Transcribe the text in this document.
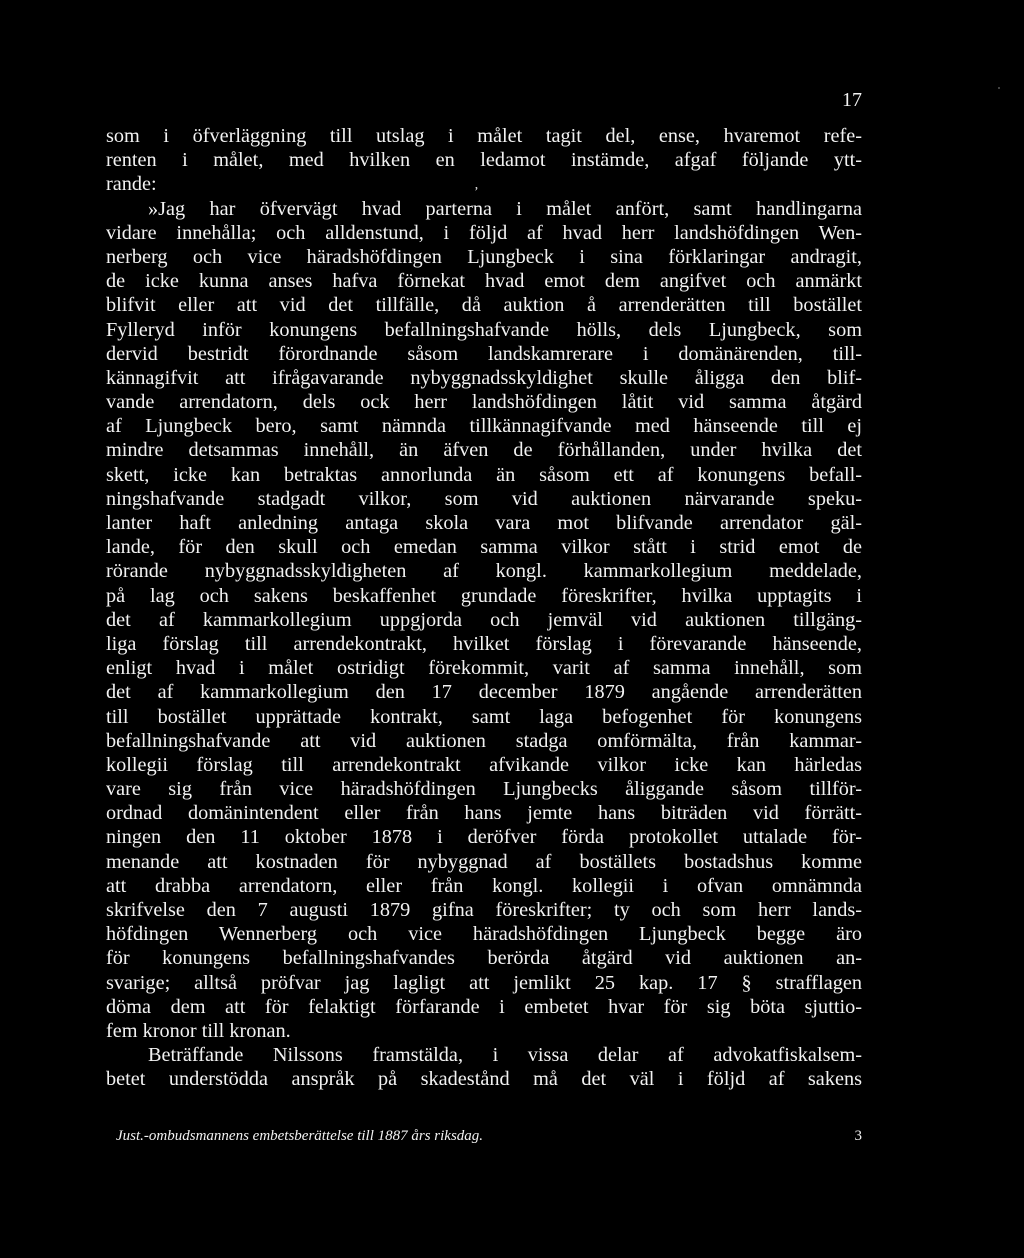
17
ʼ
som i öfverläggning till utslag i målet tagit del, ense, hvaremot refe-
renten i målet, med hvilken en ledamot instämde, afgaf följande ytt-
rande:
»Jag har öfvervägt hvad parterna i målet anfört, samt handlingarna
vidare innehålla; och alldenstund, i följd af hvad herr landshöfdingen Wen-
nerberg och vice häradshöfdingen Ljungbeck i sina förklaringar andragit,
de icke kunna anses hafva förnekat hvad emot dem angifvet och anmärkt
blifvit eller att vid det tillfälle, då auktion å arrenderätten till bostället
Fylleryd inför konungens befallningshafvande hölls, dels Ljungbeck, som
dervid bestridt förordnande såsom landskamrerare i domänärenden, till-
kännagifvit att ifrågavarande nybyggnadsskyldighet skulle åligga den blif-
vande arrendatorn, dels ock herr landshöfdingen låtit vid samma åtgärd
af Ljungbeck bero, samt nämnda tillkännagifvande med hänseende till ej
mindre detsammas innehåll, än äfven de förhållanden, under hvilka det
skett, icke kan betraktas annorlunda än såsom ett af konungens befall-
ningshafvande stadgadt vilkor, som vid auktionen närvarande speku-
lanter haft anledning antaga skola vara mot blifvande arrendator gäl-
lande, för den skull och emedan samma vilkor stått i strid emot de
rörande nybyggnadsskyldigheten af kongl. kammarkollegium meddelade,
på lag och sakens beskaffenhet grundade föreskrifter, hvilka upptagits i
det af kammarkollegium uppgjorda och jemväl vid auktionen tillgäng-
liga förslag till arrendekontrakt, hvilket förslag i förevarande hänseende,
enligt hvad i målet ostridigt förekommit, varit af samma innehåll, som
det af kammarkollegium den 17 december 1879 angående arrenderätten
till bostället upprättade kontrakt, samt laga befogenhet för konungens
befallningshafvande att vid auktionen stadga omförmälta, från kammar-
kollegii förslag till arrendekontrakt afvikande vilkor icke kan härledas
vare sig från vice häradshöfdingen Ljungbecks åliggande såsom tillför-
ordnad domänintendent eller från hans jemte hans biträden vid förrätt-
ningen den 11 oktober 1878 i deröfver förda protokollet uttalade för-
menande att kostnaden för nybyggnad af boställets bostadshus komme
att drabba arrendatorn, eller från kongl. kollegii i ofvan omnämnda
skrifvelse den 7 augusti 1879 gifna föreskrifter; ty och som herr lands-
höfdingen Wennerberg och vice häradshöfdingen Ljungbeck begge äro
för konungens befallningshafvandes berörda åtgärd vid auktionen an-
svarige; alltså pröfvar jag lagligt att jemlikt 25 kap. 17 § strafflagen
döma dem att för felaktigt förfarande i embetet hvar för sig böta sjuttio-
fem kronor till kronan.
Beträffande Nilssons framstälda, i vissa delar af advokatfiskalsem-
betet understödda anspråk på skadestånd må det väl i följd af sakens
Just.-ombudsmannens embetsberättelse till 1887 års riksdag.	3
